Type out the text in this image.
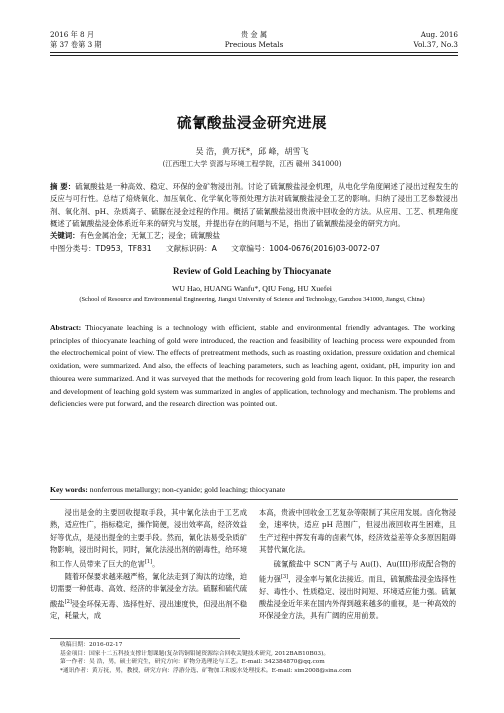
2016 年 8 月
第 37 卷第 3 期
贵 金 属
Precious Metals
Aug. 2016
Vol.37, No.3
硫氰酸盐浸金研究进展
吴 浩，黄万抚*，邱 峰，胡雪飞
(江西理工大学 资源与环境工程学院，江西 赣州 341000)
摘 要：硫氰酸盐是一种高效、稳定、环保的金矿物浸出剂。讨论了硫氰酸盐浸金机理，从电化学角度阐述了浸出过程发生的反应与可行性。总结了焙烧氧化、加压氧化、化学氧化等预处理方法对硫氰酸盐浸金工艺的影响。归纳了浸出工艺参数浸出剂、氧化剂、pH、杂质离子、硫脲在浸金过程的作用。概括了硫氰酸盐浸出贵液中回收金的方法。从应用、工艺、机理角度概述了硫氰酸盐浸金体系近年来的研究与发展，并提出存在的问题与不足，指出了硫氰酸盐浸金的研究方向。
关键词：有色金属冶金；无氰工艺；浸金；硫氰酸盐
中图分类号：TD953，TF831 文献标识码：A 文章编号：1004-0676(2016)03-0072-07
Review of Gold Leaching by Thiocyanate
WU Hao, HUANG Wanfu*, QIU Feng, HU Xuefei
(School of Resource and Environmental Engineering, Jiangxi University of Science and Technology, Ganzhou 341000, Jiangxi, China)
Abstract: Thiocyanate leaching is a technology with efficient, stable and environmental friendly advantages. The working principles of thiocyanate leaching of gold were introduced, the reaction and feasibility of leaching process were expounded from the electrochemical point of view. The effects of pretreatment methods, such as roasting oxidation, pressure oxidation and chemical oxidation, were summarized. And also, the effects of leaching parameters, such as leaching agent, oxidant, pH, impurity ion and thiourea were summarized. And it was surveyed that the methods for recovering gold from leach liquor. In this paper, the research and development of leaching gold system was summarized in angles of application, technology and mechanism. The problems and deficiencies were put forward, and the research direction was pointed out.
Key words: nonferrous metallurgy; non-cyanide; gold leaching; thiocyanate

浸出是金的主要回收提取手段，其中氰化法由于工艺成熟，适应性广，指标稳定，操作简便，浸出效率高，经济效益好等优点，是浸出提金的主要手段。然而，氰化法易受杂质矿物影响，浸出时间长，同时，氰化法浸出剂的剧毒性，给环境和工作人员带来了巨大的危害[1]。

随着环保要求越来越严格，氰化法走到了淘汰的边缘，迫切需要一种低毒、高效、经济的非氰浸金方法。硫脲和硫代硫酸盐[2]浸金环保无毒、选择性好、浸出速度快，但浸出剂不稳定，耗量大，成

本高，贵液中回收金工艺复杂等限制了其应用发展。卤化物浸金，速率快，适应 pH 范围广，但浸出液回收再生困难，且生产过程中挥发有毒的卤素气体，经济效益差等众多原因阻碍其替代氰化法。

硫氰酸盐中 SCN−离子与 Au(I)、Au(III)形成配合物的能力强[3]，浸金率与氰化法接近。而且，硫氰酸盐浸金选择性好、毒性小、性质稳定、浸出时间短、环境适应能力强。硫氰酸盐浸金近年来在国内外得到越来越多的重视，是一种高效的环保浸金方法，具有广阔的应用前景。

收稿日期：2016-02-17
基金项目：国家十二五科技支撑计划课题(复杂钨铜钼铋资源综合回收关键技术研究, 2012BAB10B03)。
第一作者：吴 浩，男，硕士研究生，研究方向：矿物分选理论与工艺。E-mail: 342384870@qq.com
*通讯作者：黄万抚，男，教授，研究方向：浮游分选、矿物加工和废水处理技术。E-mail: sim2008@sina.com
